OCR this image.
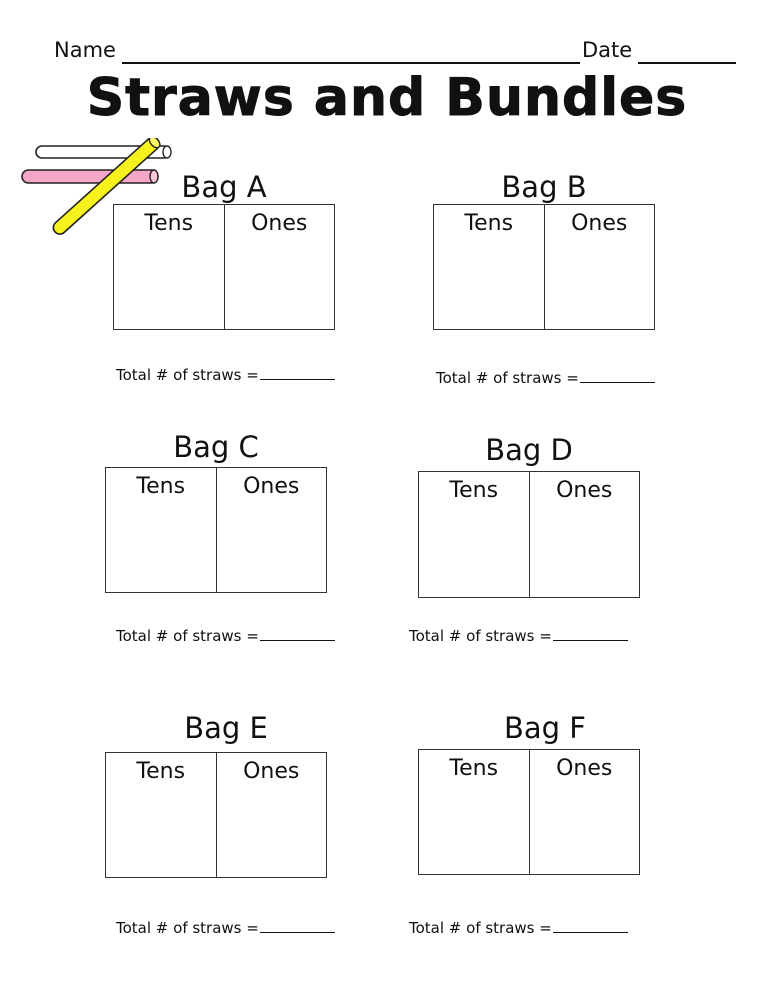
Name	Date
Straws and Bundles
Bag A
Tens	Ones
Total # of straws =
Bag B
Tens	Ones
Total # of straws =
Bag C
Tens	Ones
Total # of straws =
Bag D
Tens	Ones
Total # of straws =
Bag E
Tens	Ones
Total # of straws =
Bag F
Tens	Ones
Total # of straws =
